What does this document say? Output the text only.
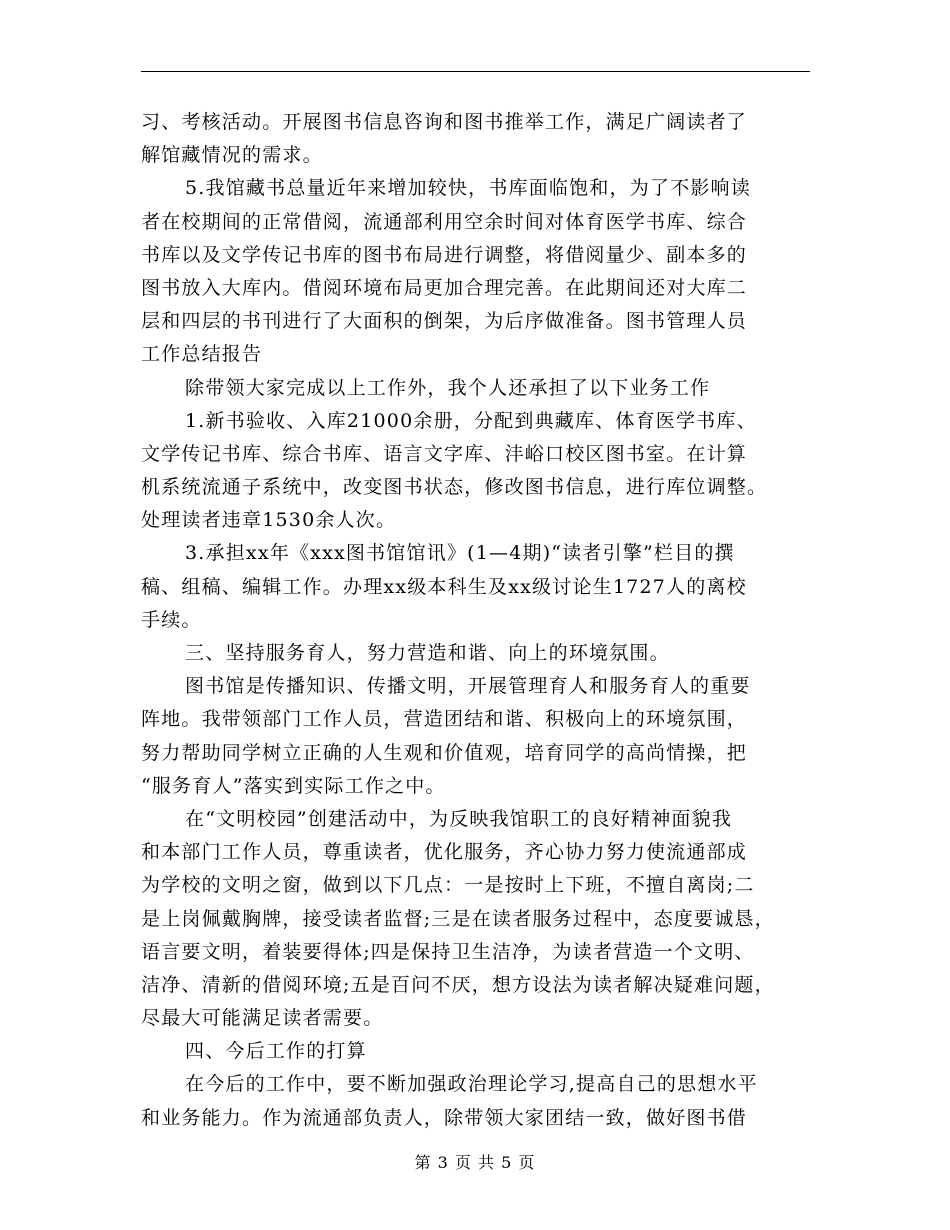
习、考核活动。开展图书信息咨询和图书推举工作，满足广阔读者了
解馆藏情况的需求。
5.我馆藏书总量近年来增加较快，书库面临饱和，为了不影响读
者在校期间的正常借阅，流通部利用空余时间对体育医学书库、综合
书库以及文学传记书库的图书布局进行调整，将借阅量少、副本多的
图书放入大库内。借阅环境布局更加合理完善。在此期间还对大库二
层和四层的书刊进行了大面积的倒架，为后序做准备。图书管理人员
工作总结报告
除带领大家完成以上工作外，我个人还承担了以下业务工作
1.新书验收、入库21000余册，分配到典藏库、体育医学书库、
文学传记书库、综合书库、语言文字库、沣峪口校区图书室。在计算
机系统流通子系统中，改变图书状态，修改图书信息，进行库位调整。
处理读者违章1530余人次。
3.承担xx年《xxx图书馆馆讯》(1—4期)“读者引擎”栏目的撰
稿、组稿、编辑工作。办理xx级本科生及xx级讨论生1727人的离校
手续。
三、坚持服务育人，努力营造和谐、向上的环境氛围。
图书馆是传播知识、传播文明，开展管理育人和服务育人的重要
阵地。我带领部门工作人员，营造团结和谐、积极向上的环境氛围，
努力帮助同学树立正确的人生观和价值观，培育同学的高尚情操，把
“服务育人”落实到实际工作之中。
在“文明校园”创建活动中，为反映我馆职工的良好精神面貌我
和本部门工作人员，尊重读者，优化服务，齐心协力努力使流通部成
为学校的文明之窗，做到以下几点：一是按时上下班，不擅自离岗;二
是上岗佩戴胸牌，接受读者监督;三是在读者服务过程中，态度要诚恳，
语言要文明，着装要得体;四是保持卫生洁净，为读者营造一个文明、
洁净、清新的借阅环境;五是百问不厌，想方设法为读者解决疑难问题，
尽最大可能满足读者需要。
四、今后工作的打算
在今后的工作中，要不断加强政治理论学习,提高自己的思想水平
和业务能力。作为流通部负责人，除带领大家团结一致，做好图书借
第 3 页 共 5 页
